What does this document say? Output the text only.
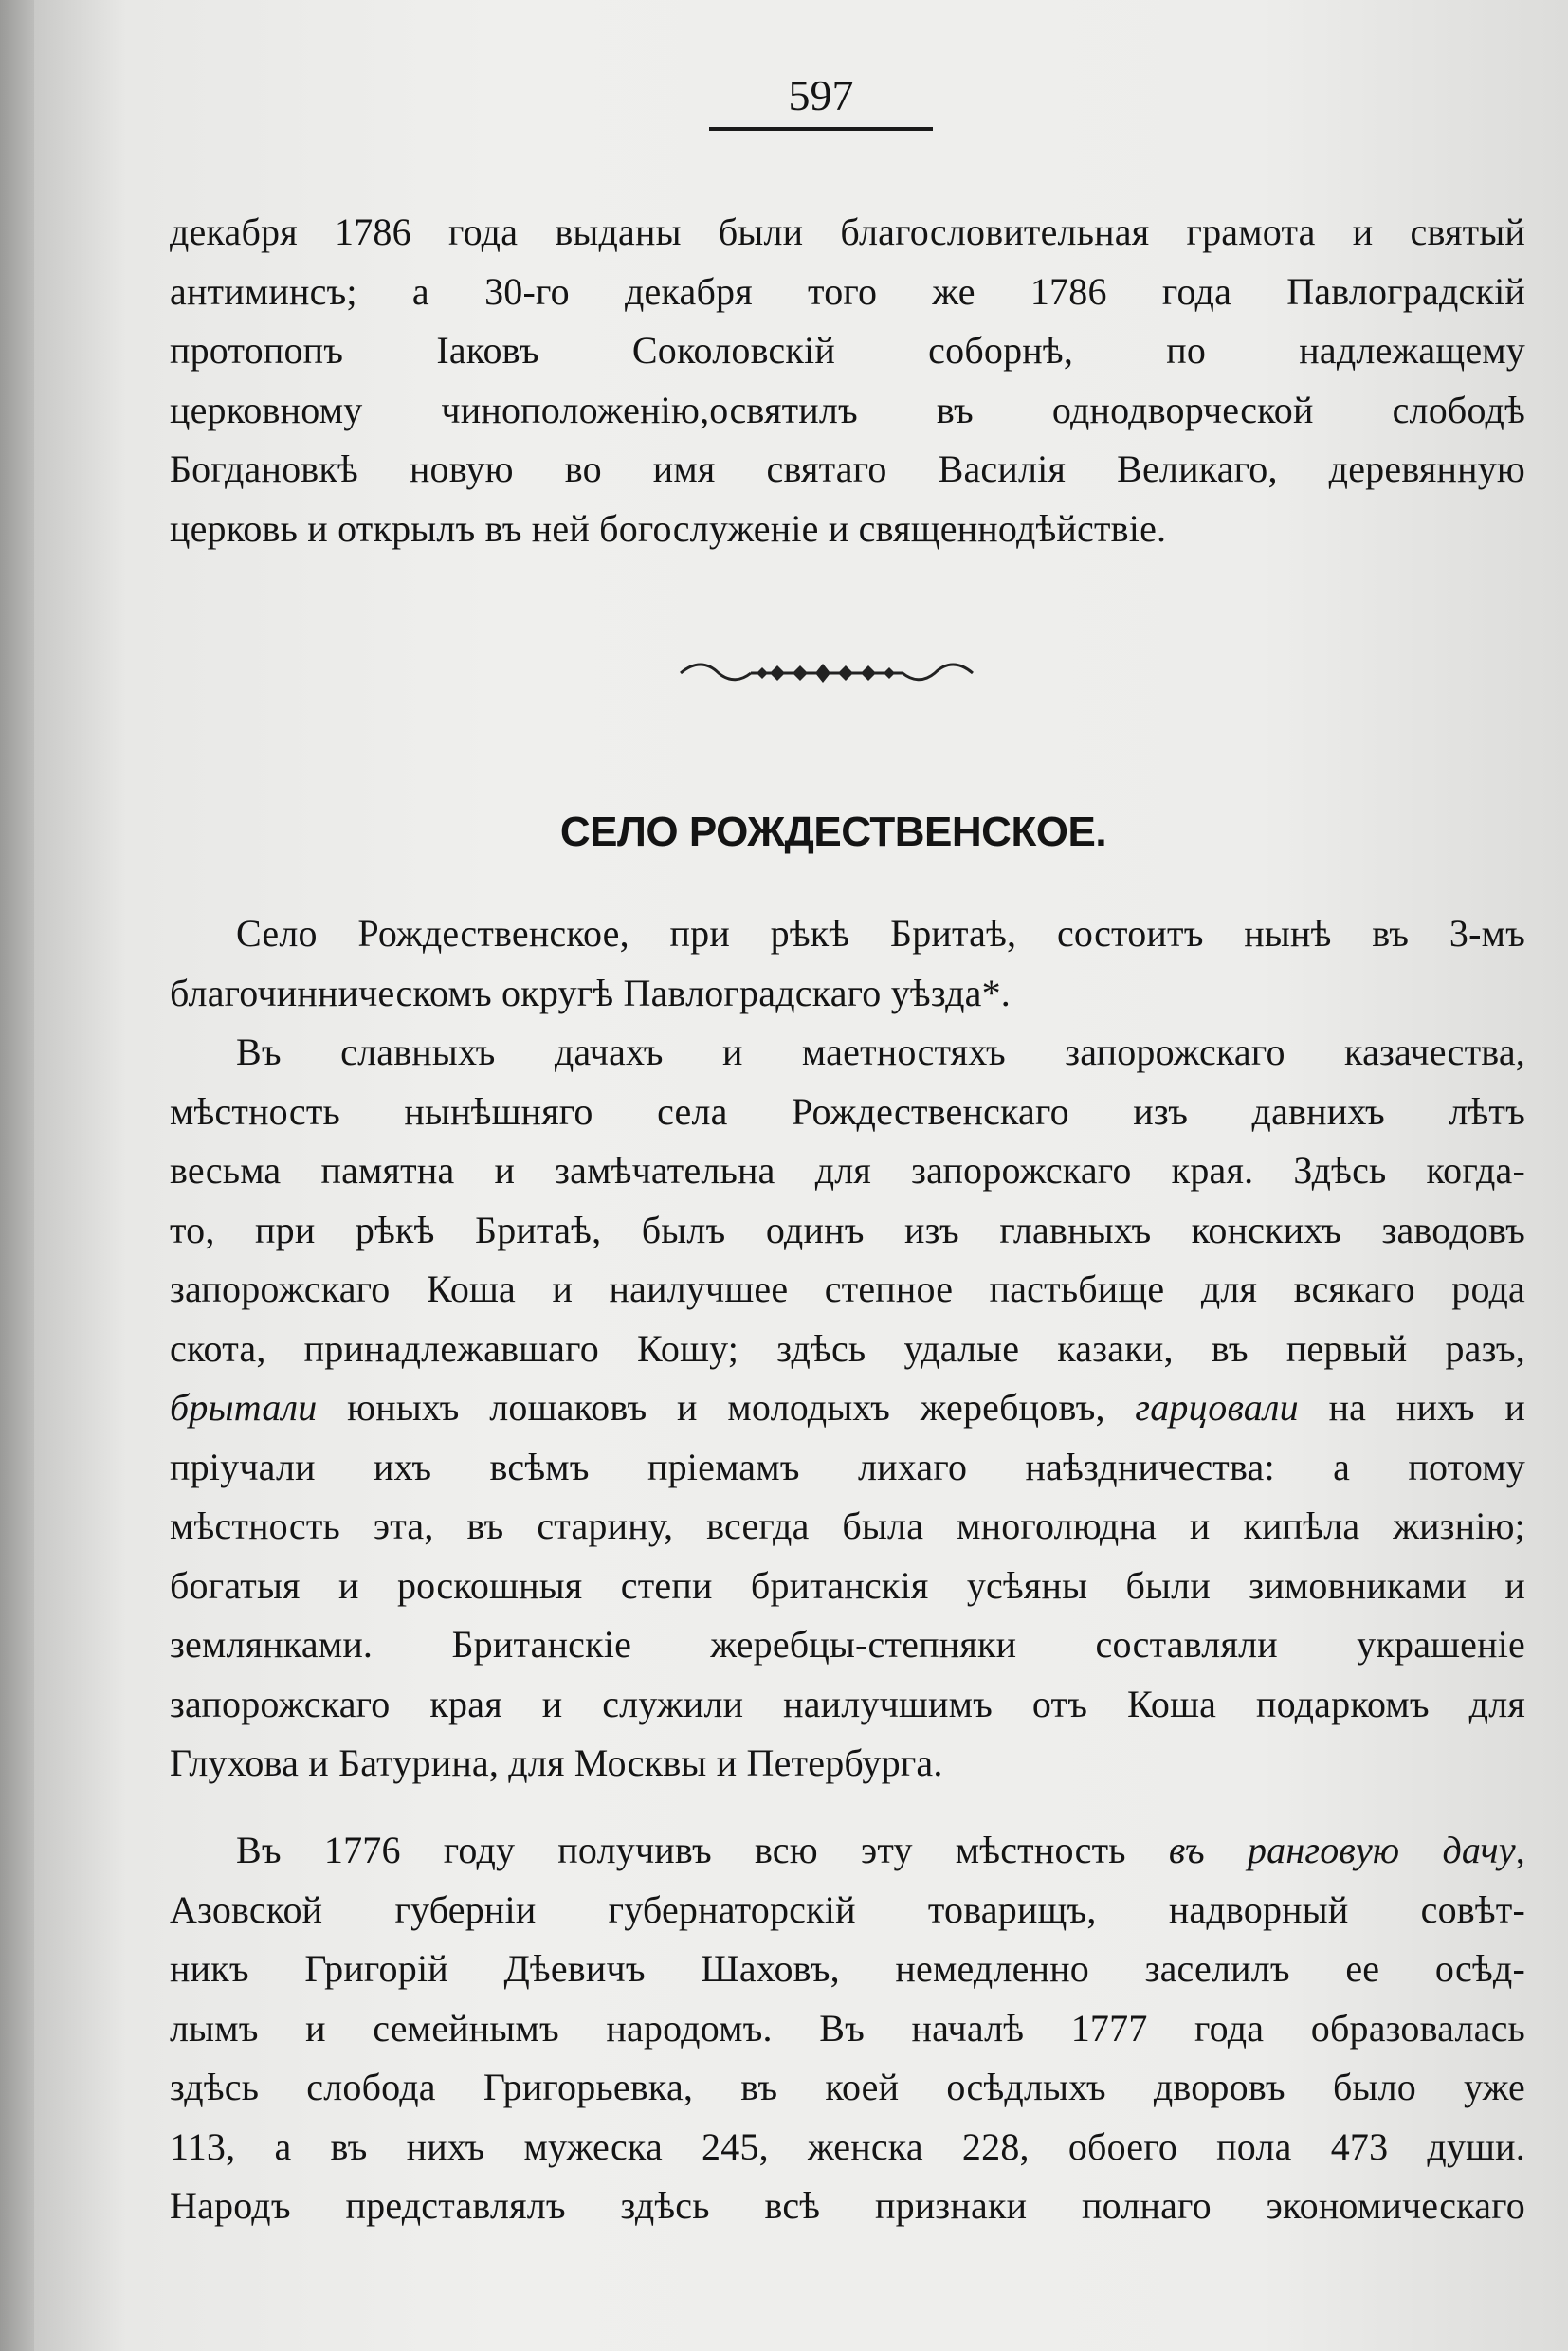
597

декабря 1786 года выданы были благословительная грамота и святый
антиминсъ; а 30-го декабря того же 1786 года Павлоградскій
протопопъ Іаковъ Соколовскій соборнѣ, по надлежащему
церковному чиноположенію,освятилъ въ однодворческой слободѣ
Богдановкѣ новую во имя святаго Василія Великаго, деревянную
церковь и открылъ въ ней богослуженіе и священнодѣйствіе.

СЕЛО РОЖДЕСТВЕНСКОЕ.

Село Рождественское, при рѣкѣ Бритаѣ, состоитъ нынѣ въ 3-мъ
благочинническомъ округѣ Павлоградскаго уѣзда*.

Въ славныхъ дачахъ и маетностяхъ запорожскаго казачества,
мѣстность нынѣшняго села Рождественскаго изъ давнихъ лѣтъ
весьма памятна и замѣчательна для запорожскаго края. Здѣсь когда-
то, при рѣкѣ Бритаѣ, былъ одинъ изъ главныхъ конскихъ заводовъ
запорожскаго Коша и наилучшее степное пастьбище для всякаго рода
скота, принадлежавшаго Кошу; здѣсь удалые казаки, въ первый разъ,
брытали юныхъ лошаковъ и молодыхъ жеребцовъ, гарцовали на нихъ и
пріучали ихъ всѣмъ пріемамъ лихаго наѣздничества: а потому
мѣстность эта, въ старину, всегда была многолюдна и кипѣла жизнію;
богатыя и роскошныя степи британскія усѣяны были зимовниками и
землянками. Британскіе жеребцы-степняки составляли украшеніе
запорожскаго края и служили наилучшимъ отъ Коша подаркомъ для
Глухова и Батурина, для Москвы и Петербурга.

Въ 1776 году получивъ всю эту мѣстность въ ранговую дачу,
Азовской губерніи губернаторскій товарищъ, надворный совѣт-
никъ Григорій Дѣевичъ Шаховъ, немедленно заселилъ ее осѣд-
лымъ и семейнымъ народомъ. Въ началѣ 1777 года образовалась
здѣсь слобода Григорьевка, въ коей осѣдлыхъ дворовъ было уже
113, а въ нихъ мужеска 245, женска 228, обоего пола 473 души.
Народъ представлялъ здѣсь всѣ признаки полнаго экономическаго
